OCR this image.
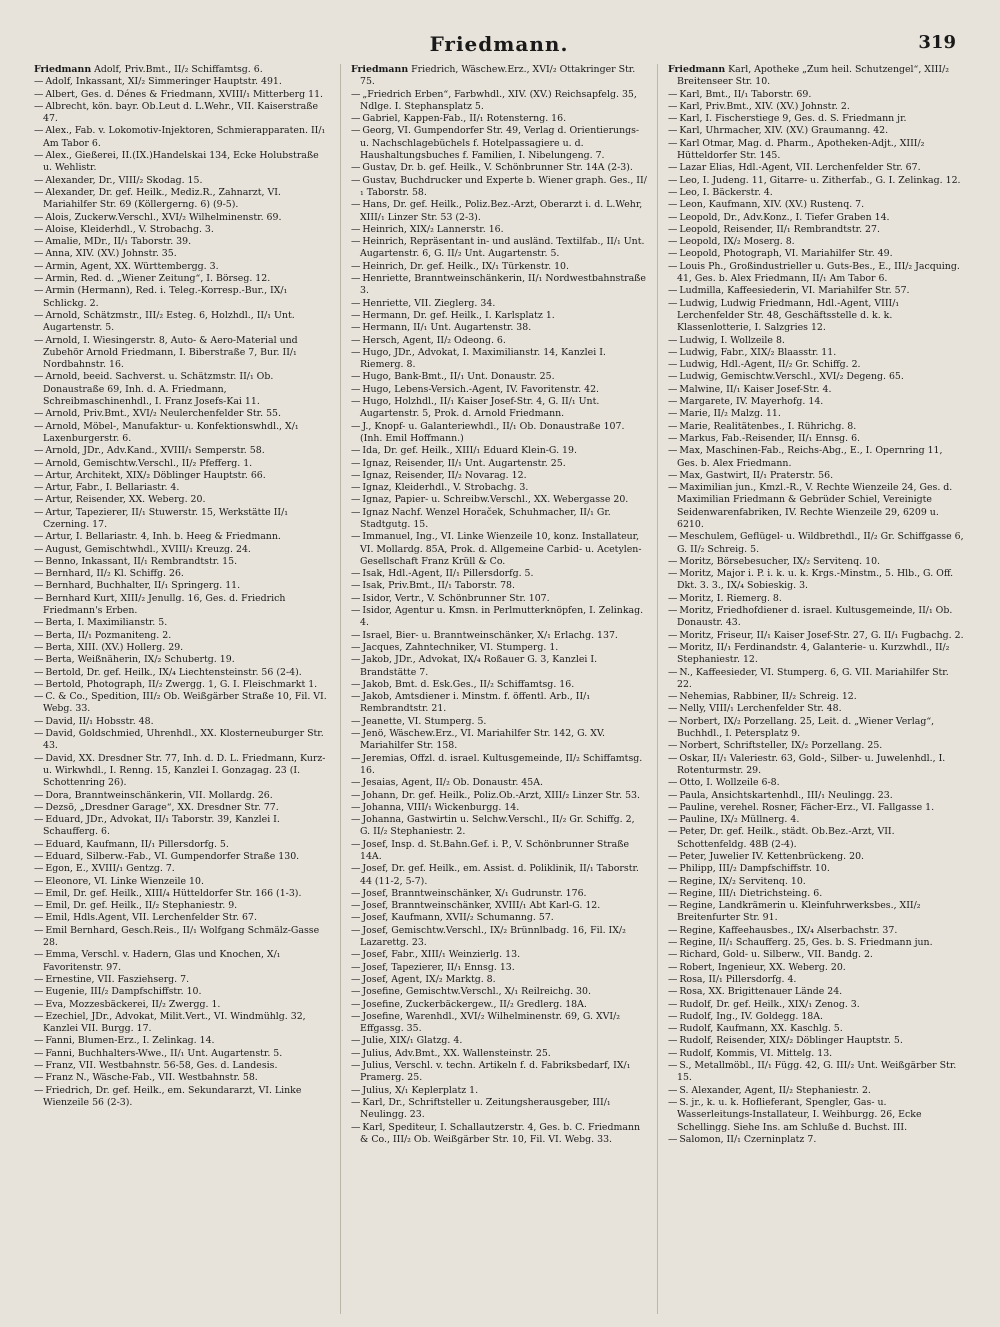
Friedmann.	319

Friedmann Adolf, Priv.Bmt., II/₂ Schiffamtsg. 6.

— Adolf, Inkassant, XI/₂ Simmeringer Hauptstr. 491.

— Albert, Ges. d. Dénes & Friedmann, XVIII/₁ Mitterberg 11.

— Albrecht, kön. bayr. Ob.Leut d. L.Wehr., VII. Kaiserstraße 47.

— Alex., Fab. v. Lokomotiv-Injektoren, Schmierapparaten. II/₁ Am Tabor 6.

— Alex., Gießerei, II.(IX.)Handelskai 134, Ecke Holubstraße u. Wehlistr.

— Alexander, Dr., VIII/₂ Skodag. 15.

— Alexander, Dr. gef. Heilk., Mediz.R., Zahnarzt, VI. Mariahilfer Str. 69 (Köllergerng. 6) (9-5).

— Alois, Zuckerw.Verschl., XVI/₂ Wilhelminenstr. 69.

— Aloise, Kleiderhdl., V. Strobachg. 3.

— Amalie, MDr., II/₁ Taborstr. 39.

— Anna, XIV. (XV.) Johnstr. 35.

— Armin, Agent, XX. Württembergg. 3.

— Armin, Red. d. „Wiener Zeitung“, I. Börseg. 12.

— Armin (Hermann), Red. i. Teleg.-Korresp.-Bur., IX/₁ Schlickg. 2.

— Arnold, Schätzmstr., III/₂ Esteg. 6, Holzhdl., II/₁ Unt. Augartenstr. 5.

— Arnold, I. Wiesingerstr. 8, Auto- & Aero-Material und Zubehör Arnold Friedmann, I. Biberstraße 7, Bur. II/₁ Nordbahnstr. 16.

— Arnold, beeid. Sachverst. u. Schätzmstr. II/₁ Ob. Donaustraße 69, Inh. d. A. Friedmann, Schreibmaschinenhdl., I. Franz Josefs-Kai 11.

— Arnold, Priv.Bmt., XVI/₂ Neulerchenfelder Str. 55.

— Arnold, Möbel-, Manufaktur- u. Konfektionswhdl., X/₁ Laxenburgerstr. 6.

— Arnold, JDr., Adv.Kand., XVIII/₁ Semperstr. 58.

— Arnold, Gemischtw.Verschl., II/₂ Pfefferg. 1.

— Artur, Architekt, XIX/₂ Döblinger Hauptstr. 66.

— Artur, Fabr., I. Bellariastr. 4.

— Artur, Reisender, XX. Weberg. 20.

— Artur, Tapezierer, II/₁ Stuwerstr. 15, Werkstätte II/₁ Czerning. 17.

— Artur, I. Bellariastr. 4, Inh. b. Heeg & Friedmann.

— August, Gemischtwhdl., XVIII/₁ Kreuzg. 24.

— Benno, Inkassant, II/₁ Rembrandtstr. 15.

— Bernhard, II/₂ Kl. Schiffg. 26.

— Bernhard, Buchhalter, II/₁ Springerg. 11.

— Bernhard Kurt, XIII/₂ Jenullg. 16, Ges. d. Friedrich Friedmann's Erben.

— Berta, I. Maximilianstr. 5.

— Berta, II/₁ Pozmaniteng. 2.

— Berta, XIII. (XV.) Hollerg. 29.

— Berta, Weißnäherin, IX/₂ Schubertg. 19.

— Bertold, Dr. gef. Heilk., IX/₄ Liechtensteinstr. 56 (2-4).

— Bertold, Photograph, II/₂ Zwergg. 1, G. I. Fleischmarkt 1.

— C. & Co., Spedition, III/₂ Ob. Weißgärber Straße 10, Fil. VI. Webg. 33.

— David, II/₁ Hobsstr. 48.

— David, Goldschmied, Uhrenhdl., XX. Klosterneuburger Str. 43.

— David, XX. Dresdner Str. 77, Inh. d. D. L. Friedmann, Kurz- u. Wirkwhdl., I. Renng. 15, Kanzlei I. Gonzagag. 23 (I. Schottenring 26).

— Dora, Branntweinschänkerin, VII. Mollardg. 26.

— Dezsö, „Dresdner Garage“, XX. Dresdner Str. 77.

— Eduard, JDr., Advokat, II/₁ Taborstr. 39, Kanzlei I. Schaufferg. 6.

— Eduard, Kaufmann, II/₁ Pillersdorfg. 5.

— Eduard, Silberw.-Fab., VI. Gumpendorfer Straße 130.

— Egon, E., XVIII/₁ Gentzg. 7.

— Eleonore, VI. Linke Wienzeile 10.

— Emil, Dr. gef. Heilk., XIII/₄ Hütteldorfer Str. 166 (1-3).

— Emil, Dr. gef. Heilk., II/₂ Stephaniestr. 9.

— Emil, Hdls.Agent, VII. Lerchenfelder Str. 67.

— Emil Bernhard, Gesch.Reis., II/₁ Wolfgang Schmälz-Gasse 28.

— Emma, Verschl. v. Hadern, Glas und Knochen, X/₁ Favoritenstr. 97.

— Ernestine, VII. Fasziehserg. 7.

— Eugenie, III/₂ Dampfschiffstr. 10.

— Eva, Mozzesbäckerei, II/₂ Zwergg. 1.

— Ezechiel, JDr., Advokat, Milit.Vert., VI. Windmühlg. 32, Kanzlei VII. Burgg. 17.

— Fanni, Blumen-Erz., I. Zelinkag. 14.

— Fanni, Buchhalters-Wwe., II/₁ Unt. Augartenstr. 5.

— Franz, VII. Westbahnstr. 56-58, Ges. d. Landesis.

— Franz N., Wäsche-Fab., VII. Westbahnstr. 58.

— Friedrich, Dr. gef. Heilk., em. Sekundararzt, VI. Linke Wienzeile 56 (2-3).

Friedmann Friedrich, Wäschew.Erz., XVI/₂ Ottakringer Str. 75.

— „Friedrich Erben“, Farbwhdl., XIV. (XV.) Reichsapfelg. 35, Ndlge. I. Stephansplatz 5.

— Gabriel, Kappen-Fab., II/₁ Rotensterng. 16.

— Georg, VI. Gumpendorfer Str. 49, Verlag d. Orientierungs- u. Nachschlagebüchels f. Hotelpassagiere u. d. Haushaltungsbuches f. Familien, I. Nibelungeng. 7.

— Gustav, Dr. b. gef. Heilk., V. Schönbrunner Str. 14A (2-3).

— Gustav, Buchdrucker und Experte b. Wiener graph. Ges., II/₁ Taborstr. 58.

— Hans, Dr. gef. Heilk., Poliz.Bez.-Arzt, Oberarzt i. d. L.Wehr, XIII/₁ Linzer Str. 53 (2-3).

— Heinrich, XIX/₂ Lannerstr. 16.

— Heinrich, Repräsentant in- und ausländ. Textilfab., II/₁ Unt. Augartenstr. 6, G. II/₂ Unt. Augartenstr. 5.

— Heinrich, Dr. gef. Heilk., IX/₁ Türkenstr. 10.

— Henriette, Branntweinschänkerin, II/₁ Nordwestbahnstraße 3.

— Henriette, VII. Zieglerg. 34.

— Hermann, Dr. gef. Heilk., I. Karlsplatz 1.

— Hermann, II/₁ Unt. Augartenstr. 38.

— Hersch, Agent, II/₂ Odeong. 6.

— Hugo, JDr., Advokat, I. Maximilianstr. 14, Kanzlei I. Riemerg. 8.

— Hugo, Bank-Bmt., II/₁ Unt. Donaustr. 25.

— Hugo, Lebens-Versich.-Agent, IV. Favoritenstr. 42.

— Hugo, Holzhdl., II/₁ Kaiser Josef-Str. 4, G. II/₁ Unt. Augartenstr. 5, Prok. d. Arnold Friedmann.

— J., Knopf- u. Galanteriewhdl., II/₁ Ob. Donaustraße 107. (Inh. Emil Hoffmann.)

— Ida, Dr. gef. Heilk., XIII/₁ Eduard Klein-G. 19.

— Ignaz, Reisender, II/₁ Unt. Augartenstr. 25.

— Ignaz, Reisender, II/₂ Novarag. 12.

— Ignaz, Kleiderhdl., V. Strobachg. 3.

— Ignaz, Papier- u. Schreibw.Verschl., XX. Webergasse 20.

— Ignaz Nachf. Wenzel Horaček, Schuhmacher, II/₁ Gr. Stadtgutg. 15.

— Immanuel, Ing., VI. Linke Wienzeile 10, konz. Installateur, VI. Mollardg. 85A, Prok. d. Allgemeine Carbid- u. Acetylen-Gesellschaft Franz Krüll & Co.

— Isak, Hdl.-Agent, II/₁ Pillersdorfg. 5.

— Isak, Priv.Bmt., II/₁ Taborstr. 78.

— Isidor, Vertr., V. Schönbrunner Str. 107.

— Isidor, Agentur u. Kmsn. in Perlmutterknöpfen, I. Zelinkag. 4.

— Israel, Bier- u. Branntweinschänker, X/₁ Erlachg. 137.

— Jacques, Zahntechniker, VI. Stumperg. 1.

— Jakob, JDr., Advokat, IX/₄ Roßauer G. 3, Kanzlei I. Brandstätte 7.

— Jakob, Bmt. d. Esk.Ges., II/₂ Schiffamtsg. 16.

— Jakob, Amtsdiener i. Minstm. f. öffentl. Arb., II/₁ Rembrandtstr. 21.

— Jeanette, VI. Stumperg. 5.

— Jenö, Wäschew.Erz., VI. Mariahilfer Str. 142, G. XV. Mariahilfer Str. 158.

— Jeremias, Offzl. d. israel. Kultusgemeinde, II/₂ Schiffamtsg. 16.

— Jesaias, Agent, II/₂ Ob. Donaustr. 45A.

— Johann, Dr. gef. Heilk., Poliz.Ob.-Arzt, XIII/₂ Linzer Str. 53.

— Johanna, VIII/₁ Wickenburgg. 14.

— Johanna, Gastwirtin u. Selchw.Verschl., II/₂ Gr. Schiffg. 2, G. II/₂ Stephaniestr. 2.

— Josef, Insp. d. St.Bahn.Gef. i. P., V. Schönbrunner Straße 14A.

— Josef, Dr. gef. Heilk., em. Assist. d. Poliklinik, II/₁ Taborstr. 44 (11-2, 5-7).

— Josef, Branntweinschänker, X/₁ Gudrunstr. 176.

— Josef, Branntweinschänker, XVIII/₁ Abt Karl-G. 12.

— Josef, Kaufmann, XVII/₂ Schumanng. 57.

— Josef, Gemischtw.Verschl., IX/₂ Brünnlbadg. 16, Fil. IX/₂ Lazarettg. 23.

— Josef, Fabr., XIII/₁ Weinzierlg. 13.

— Josef, Tapezierer, II/₁ Ennsg. 13.

— Josef, Agent, IX/₂ Marktg. 8.

— Josefine, Gemischtw.Verschl., X/₁ Reilreichg. 30.

— Josefine, Zuckerbäckergew., II/₂ Gredlerg. 18A.

— Josefine, Warenhdl., XVI/₂ Wilhelminenstr. 69, G. XVI/₂ Effgassg. 35.

— Julie, XIX/₁ Glatzg. 4.

— Julius, Adv.Bmt., XX. Wallensteinstr. 25.

— Julius, Verschl. v. techn. Artikeln f. d. Fabriksbedarf, IX/₁ Pramerg. 25.

— Julius, X/₁ Keplerplatz 1.

— Karl, Dr., Schriftsteller u. Zeitungsherausgeber, III/₁ Neulingg. 23.

— Karl, Spediteur, I. Schallautzerstr. 4, Ges. b. C. Friedmann & Co., III/₂ Ob. Weißgärber Str. 10, Fil. VI. Webg. 33.

Friedmann Karl, Apotheke „Zum heil. Schutzengel“, XIII/₂ Breitenseer Str. 10.

— Karl, Bmt., II/₁ Taborstr. 69.

— Karl, Priv.Bmt., XIV. (XV.) Johnstr. 2.

— Karl, I. Fischerstiege 9, Ges. d. S. Friedmann jr.

— Karl, Uhrmacher, XIV. (XV.) Graumanng. 42.

— Karl Otmar, Mag. d. Pharm., Apotheken-Adjt., XIII/₂ Hütteldorfer Str. 145.

— Lazar Elias, Hdl.-Agent, VII. Lerchenfelder Str. 67.

— Leo, I. Judeng. 11, Gitarre- u. Zitherfab., G. I. Zelinkag. 12.

— Leo, I. Bäckerstr. 4.

— Leon, Kaufmann, XIV. (XV.) Rustenq. 7.

— Leopold, Dr., Adv.Konz., I. Tiefer Graben 14.

— Leopold, Reisender, II/₁ Rembrandtstr. 27.

— Leopold, IX/₂ Moserg. 8.

— Leopold, Photograph, VI. Mariahilfer Str. 49.

— Louis Ph., Großindustrieller u. Guts-Bes., E., III/₂ Jacquing. 41, Ges. b. Alex Friedmann, II/₁ Am Tabor 6.

— Ludmilla, Kaffeesiederin, VI. Mariahilfer Str. 57.

— Ludwig, Ludwig Friedmann, Hdl.-Agent, VIII/₁ Lerchenfelder Str. 48, Geschäftsstelle d. k. k. Klassenlotterie, I. Salzgries 12.

— Ludwig, I. Wollzeile 8.

— Ludwig, Fabr., XIX/₂ Blaasstr. 11.

— Ludwig, Hdl.-Agent, II/₂ Gr. Schiffg. 2.

— Ludwig, Gemischtw.Verschl., XVI/₂ Degeng. 65.

— Malwine, II/₁ Kaiser Josef-Str. 4.

— Margarete, IV. Mayerhofg. 14.

— Marie, II/₂ Malzg. 11.

— Marie, Realitätenbes., I. Rührichg. 8.

— Markus, Fab.-Reisender, II/₁ Ennsg. 6.

— Max, Maschinen-Fab., Reichs-Abg., E., I. Opernring 11, Ges. b. Alex Friedmann.

— Max, Gastwirt, II/₁ Praterstr. 56.

— Maximilian jun., Kmzl.-R., V. Rechte Wienzeile 24, Ges. d. Maximilian Friedmann & Gebrüder Schiel, Vereinigte Seidenwarenfabriken, IV. Rechte Wienzeile 29, 6209 u. 6210.

— Meschulem, Geflügel- u. Wildbrethdl., II/₂ Gr. Schiffgasse 6, G. II/₂ Schreig. 5.

— Moritz, Börsebesucher, IX/₂ Servitenq. 10.

— Moritz, Major i. P. i. k. u. k. Krgs.-Minstm., 5. Hlb., G. Off. Dkt. 3. 3., IX/₄ Sobieskig. 3.

— Moritz, I. Riemerg. 8.

— Moritz, Friedhofdiener d. israel. Kultusgemeinde, II/₁ Ob. Donaustr. 43.

— Moritz, Friseur, II/₁ Kaiser Josef-Str. 27, G. II/₁ Fugbachg. 2.

— Moritz, II/₁ Ferdinandstr. 4, Galanterie- u. Kurzwhdl., II/₂ Stephaniestr. 12.

— N., Kaffeesieder, VI. Stumperg. 6, G. VII. Mariahilfer Str. 22.

— Nehemias, Rabbiner, II/₂ Schreig. 12.

— Nelly, VIII/₁ Lerchenfelder Str. 48.

— Norbert, IX/₂ Porzellang. 25, Leit. d. „Wiener Verlag“, Buchhdl., I. Petersplatz 9.

— Norbert, Schriftsteller, IX/₂ Porzellang. 25.

— Oskar, II/₁ Valeriestr. 63, Gold-, Silber- u. Juwelenhdl., I. Rotenturmstr. 29.

— Otto, I. Wollzeile 6-8.

— Paula, Ansichtskartenhdl., III/₁ Neulingg. 23.

— Pauline, verehel. Rosner, Fächer-Erz., VI. Fallgasse 1.

— Pauline, IX/₂ Müllnerg. 4.

— Peter, Dr. gef. Heilk., städt. Ob.Bez.-Arzt, VII. Schottenfeldg. 48B (2-4).

— Peter, Juwelier IV. Kettenbrückeng. 20.

— Philipp, III/₂ Dampfschiffstr. 10.

— Regine, IX/₂ Servitenq. 10.

— Regine, III/₁ Dietrichsteing. 6.

— Regine, Landkrämerin u. Kleinfuhrwerksbes., XII/₂ Breitenfurter Str. 91.

— Regine, Kaffeehausbes., IX/₄ Alserbachstr. 37.

— Regine, II/₁ Schaufferg. 25, Ges. b. S. Friedmann jun.

— Richard, Gold- u. Silberw., VII. Bandg. 2.

— Robert, Ingenieur, XX. Weberg. 20.

— Rosa, II/₁ Pillersdorfg. 4.

— Rosa, XX. Brigittenauer Lände 24.

— Rudolf, Dr. gef. Heilk., XIX/₁ Zenog. 3.

— Rudolf, Ing., IV. Goldegg. 18A.

— Rudolf, Kaufmann, XX. Kaschlg. 5.

— Rudolf, Reisender, XIX/₂ Döblinger Hauptstr. 5.

— Rudolf, Kommis, VI. Mittelg. 13.

— S., Metallmöbl., II/₁ Függ. 42, G. III/₂ Unt. Weißgärber Str. 15.

— S. Alexander, Agent, II/₂ Stephaniestr. 2.

— S. jr., k. u. k. Hoflieferant, Spengler, Gas- u. Wasserleitungs-Installateur, I. Weihburgg. 26, Ecke Schellingg. Siehe Ins. am Schluße d. Buchst. III.

— Salomon, II/₁ Czerninplatz 7.
